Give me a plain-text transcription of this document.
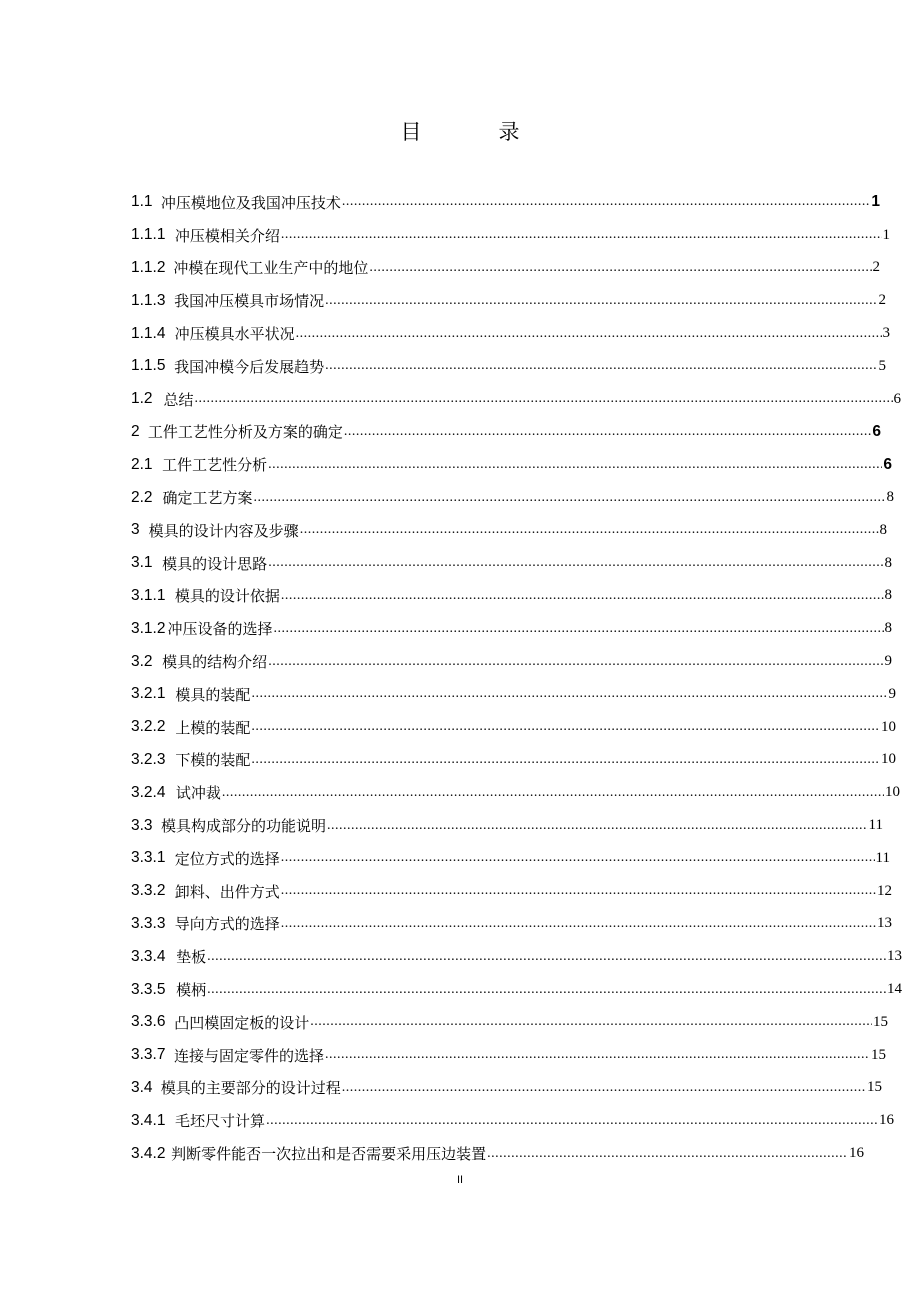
目　录
1.1 冲压模地位及我国冲压技术 .....	1
1.1.1 冲压模相关介绍 .....	1
1.1.2 冲模在现代工业生产中的地位 .....	2
1.1.3 我国冲压模具市场情况 .....	2
1.1.4 冲压模具水平状况 .....	3
1.1.5 我国冲模今后发展趋势 .....	5
1.2 总结 .....	6
2 工件工艺性分析及方案的确定 .....	6
2.1 工件工艺性分析 .....	6
2.2 确定工艺方案 .....	8
3 模具的设计内容及步骤 .....	8
3.1 模具的设计思路 .....	8
3.1.1 模具的设计依据 .....	8
3.1.2 冲压设备的选择 .....	8
3.2 模具的结构介绍 .....	9
3.2.1 模具的装配 .....	9
3.2.2 上模的装配 .....	10
3.2.3 下模的装配 .....	10
3.2.4 试冲裁 .....	10
3.3 模具构成部分的功能说明 .....	11
3.3.1 定位方式的选择 .....	11
3.3.2 卸料、出件方式 .....	12
3.3.3 导向方式的选择 .....	13
3.3.4 垫板 .....	13
3.3.5 模柄 .....	14
3.3.6 凸凹模固定板的设计 .....	15
3.3.7 连接与固定零件的选择 .....	15
3.4 模具的主要部分的设计过程 .....	15
3.4.1 毛坯尺寸计算 .....	16
3.4.2 判断零件能否一次拉出和是否需要采用压边装置 .....	16
II
